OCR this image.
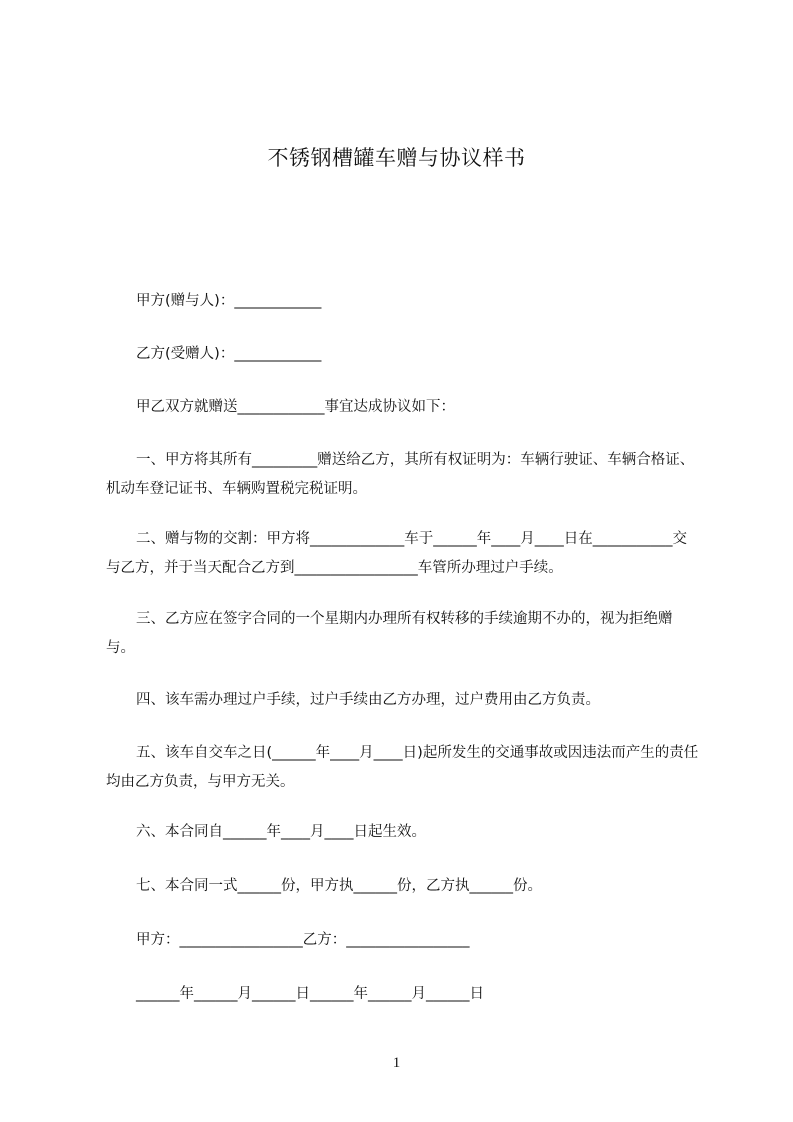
不锈钢槽罐车赠与协议样书
甲方(赠与人)：____________
乙方(受赠人)：____________
甲乙双方就赠送____________事宜达成协议如下：
一、甲方将其所有_________赠送给乙方，其所有权证明为：车辆行驶证、车辆合格证、机动车登记证书、车辆购置税完税证明。
二、赠与物的交割：甲方将_____________车于______年____月____日在___________交与乙方，并于当天配合乙方到_________________车管所办理过户手续。
三、乙方应在签字合同的一个星期内办理所有权转移的手续逾期不办的，视为拒绝赠与。
四、该车需办理过户手续，过户手续由乙方办理，过户费用由乙方负责。
五、该车自交车之日(______年____月____日)起所发生的交通事故或因违法而产生的责任均由乙方负责，与甲方无关。
六、本合同自______年____月____日起生效。
七、本合同一式______份，甲方执______份，乙方执______份。
甲方：_________________乙方：_________________
______年______月______日______年______月______日
1
